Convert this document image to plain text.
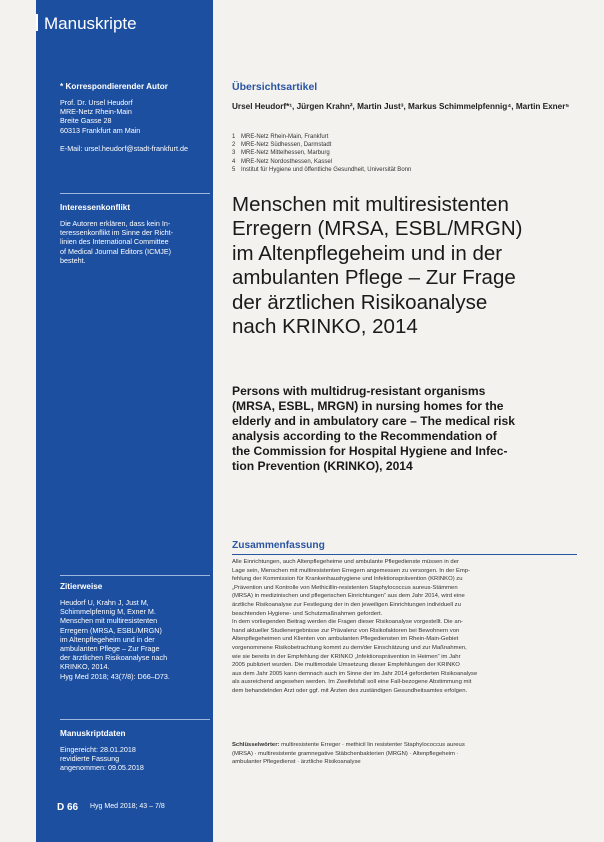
Manuskripte
* Korrespondierender Autor
Prof. Dr. Ursel Heudorf
MRE-Netz Rhein-Main
Breite Gasse 28
60313 Frankfurt am Main
E-Mail: ursel.heudorf@stadt-frankfurt.de
Interessenkonflikt
Die Autoren erklären, dass kein In-
teressenkonflikt im Sinne der Richt-
linien des International Committee
of Medical Journal Editors (ICMJE)
besteht.
Zitierweise
Heudorf U, Krahn J, Just M,
Schimmelpfennig M, Exner M.
Menschen mit multiresistenten
Erregern (MRSA, ESBL/MRGN)
im Altenpflegeheim und in der
ambulanten Pflege – Zur Frage
der ärztlichen Risikoanalyse nach
KRINKO, 2014.
Hyg Med 2018; 43(7/8): D66–D73.
Manuskriptdaten
Eingereicht: 28.01.2018
revidierte Fassung
angenommen: 09.05.2018
D 66 Hyg Med 2018; 43 – 7/8
Übersichtsartikel
Ursel Heudorf*¹, Jürgen Krahn², Martin Just³, Markus Schimmelpfennig⁴, Martin Exner⁵
1 MRE-Netz Rhein-Main, Frankfurt
2 MRE-Netz Südhessen, Darmstadt
3 MRE-Netz Mittelhessen, Marburg
4 MRE-Netz Nordosthessen, Kassel
5 Institut für Hygiene und öffentliche Gesundheit, Universität Bonn
Menschen mit multiresistenten
Erregern (MRSA, ESBL/MRGN)
im Altenpflegeheim und in der
ambulanten Pflege – Zur Frage
der ärztlichen Risikoanalyse
nach KRINKO, 2014
Persons with multidrug-resistant organisms
(MRSA, ESBL, MRGN) in nursing homes for the
elderly and in ambulatory care – The medical risk
analysis according to the Recommendation of
the Commission for Hospital Hygiene and Infec-
tion Prevention (KRINKO), 2014
Zusammenfassung
Alle Einrichtungen, auch Altenpflegeheime und ambulante Pflegedienste müssen in der
Lage sein, Menschen mit multiresistenten Erregern angemessen zu versorgen. In der Emp-
fehlung der Kommission für Krankenhaushygiene und Infektionsprävention (KRINKO) zu
„Prävention und Kontrolle von Methicillin-resistenten Staphylococcus aureus-Stämmen
(MRSA) in medizinischen und pflegerischen Einrichtungen“ aus dem Jahr 2014, wird eine
ärztliche Risikoanalyse zur Festlegung der in den jeweiligen Einrichtungen individuell zu
beachtenden Hygiene- und Schutzmaßnahmen gefordert.
In dem vorliegenden Beitrag werden die Fragen dieser Risikoanalyse vorgestellt. Die an-
hand aktueller Studienergebnisse zur Prävalenz von Risikofaktoren bei Bewohnern von
Altenpflegeheimen und Klienten von ambulanten Pflegediensten im Rhein-Main-Gebiet
vorgenommene Risikobetrachtung kommt zu dem/der Einschätzung und zur Maßnahmen,
wie sie bereits in der Empfehlung der KRINKO „Infektionsprävention in Heimen“ im Jahr
2005 publiziert wurden. Die multimodale Umsetzung dieser Empfehlungen der KRINKO
aus dem Jahr 2005 kann demnach auch im Sinne der im Jahr 2014 geforderten Risikoanalyse
als ausreichend angesehen werden. Im Zweifelsfall soll eine Fall-bezogene Abstimmung mit
dem behandelnden Arzt oder ggf. mit Ärzten des zuständigen Gesundheitsamtes erfolgen.
Schlüsselwörter: multiresistente Erreger · methicil lin resistenter Staphylococcus aureus
(MRSA) · multiresistente gramnegative Stäbchenbakterien (MRGN) · Altenpflegeheim ·
ambulanter Pflegedienst · ärztliche Risikoanalyse
